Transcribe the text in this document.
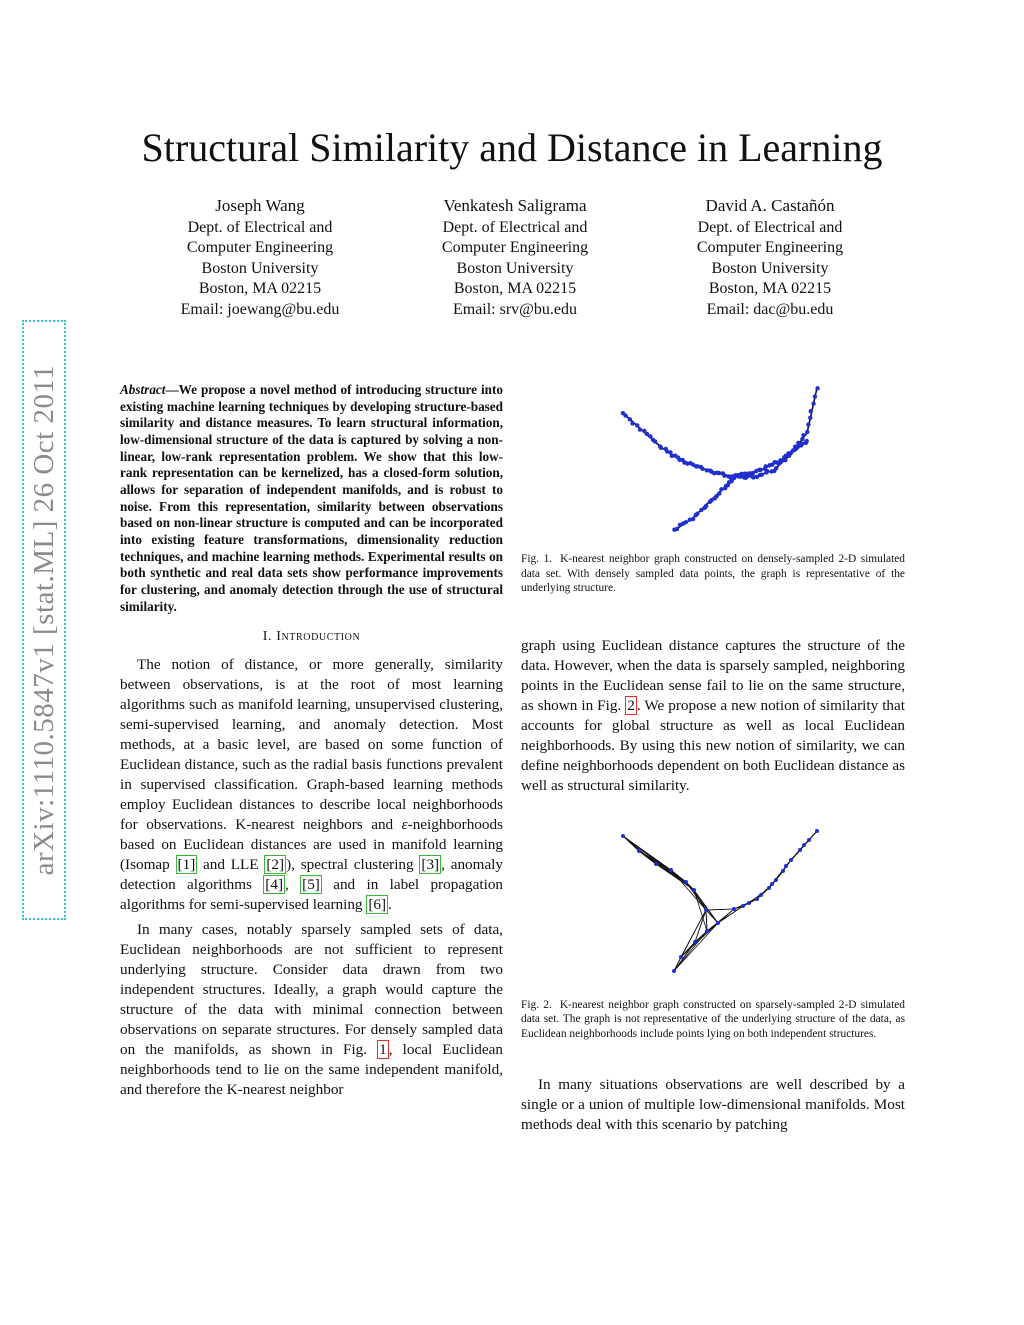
arXiv:1110.5847v1 [stat.ML] 26 Oct 2011
Structural Similarity and Distance in Learning
Joseph Wang
Dept. of Electrical and
Computer Engineering
Boston University
Boston, MA 02215
Email: joewang@bu.edu
Venkatesh Saligrama
Dept. of Electrical and
Computer Engineering
Boston University
Boston, MA 02215
Email: srv@bu.edu
David A. Castañón
Dept. of Electrical and
Computer Engineering
Boston University
Boston, MA 02215
Email: dac@bu.edu
Abstract—We propose a novel method of introducing structure into existing machine learning techniques by developing structure-based similarity and distance measures. To learn structural information, low-dimensional structure of the data is captured by solving a non-linear, low-rank representation problem. We show that this low-rank representation can be kernelized, has a closed-form solution, allows for separation of independent manifolds, and is robust to noise. From this representation, similarity between observations based on non-linear structure is computed and can be incorporated into existing feature transformations, dimensionality reduction techniques, and machine learning methods. Experimental results on both synthetic and real data sets show performance improvements for clustering, and anomaly detection through the use of structural similarity.
I. Introduction

The notion of distance, or more generally, similarity between observations, is at the root of most learning algorithms such as manifold learning, unsupervised clustering, semi-supervised learning, and anomaly detection. Most methods, at a basic level, are based on some function of Euclidean distance, such as the radial basis functions prevalent in supervised classification. Graph-based learning methods employ Euclidean distances to describe local neighborhoods for observations. K-nearest neighbors and ε-neighborhoods based on Euclidean distances are used in manifold learning (Isomap [1] and LLE [2] ), spectral clustering [3] , anomaly detection algorithms [4] , [5] and in label propagation algorithms for semi-supervised learning [6] .

In many cases, notably sparsely sampled sets of data, Euclidean neighborhoods are not sufficient to represent underlying structure. Consider data drawn from two independent structures. Ideally, a graph would capture the structure of the data with minimal connection between observations on separate structures. For densely sampled data on the manifolds, as shown in Fig. 1 , local Euclidean neighborhoods tend to lie on the same independent manifold, and therefore the K-nearest neighbor

Fig. 1. K-nearest neighbor graph constructed on densely-sampled 2-D simulated data set. With densely sampled data points, the graph is representative of the underlying structure.

graph using Euclidean distance captures the structure of the data. However, when the data is sparsely sampled, neighboring points in the Euclidean sense fail to lie on the same structure, as shown in Fig. 2 . We propose a new notion of similarity that accounts for global structure as well as local Euclidean neighborhoods. By using this new notion of similarity, we can define neighborhoods dependent on both Euclidean distance as well as structural similarity.

Fig. 2. K-nearest neighbor graph constructed on sparsely-sampled 2-D simulated data set. The graph is not representative of the underlying structure of the data, as Euclidean neighborhoods include points lying on both independent structures.

In many situations observations are well described by a single or a union of multiple low-dimensional manifolds. Most methods deal with this scenario by patching
